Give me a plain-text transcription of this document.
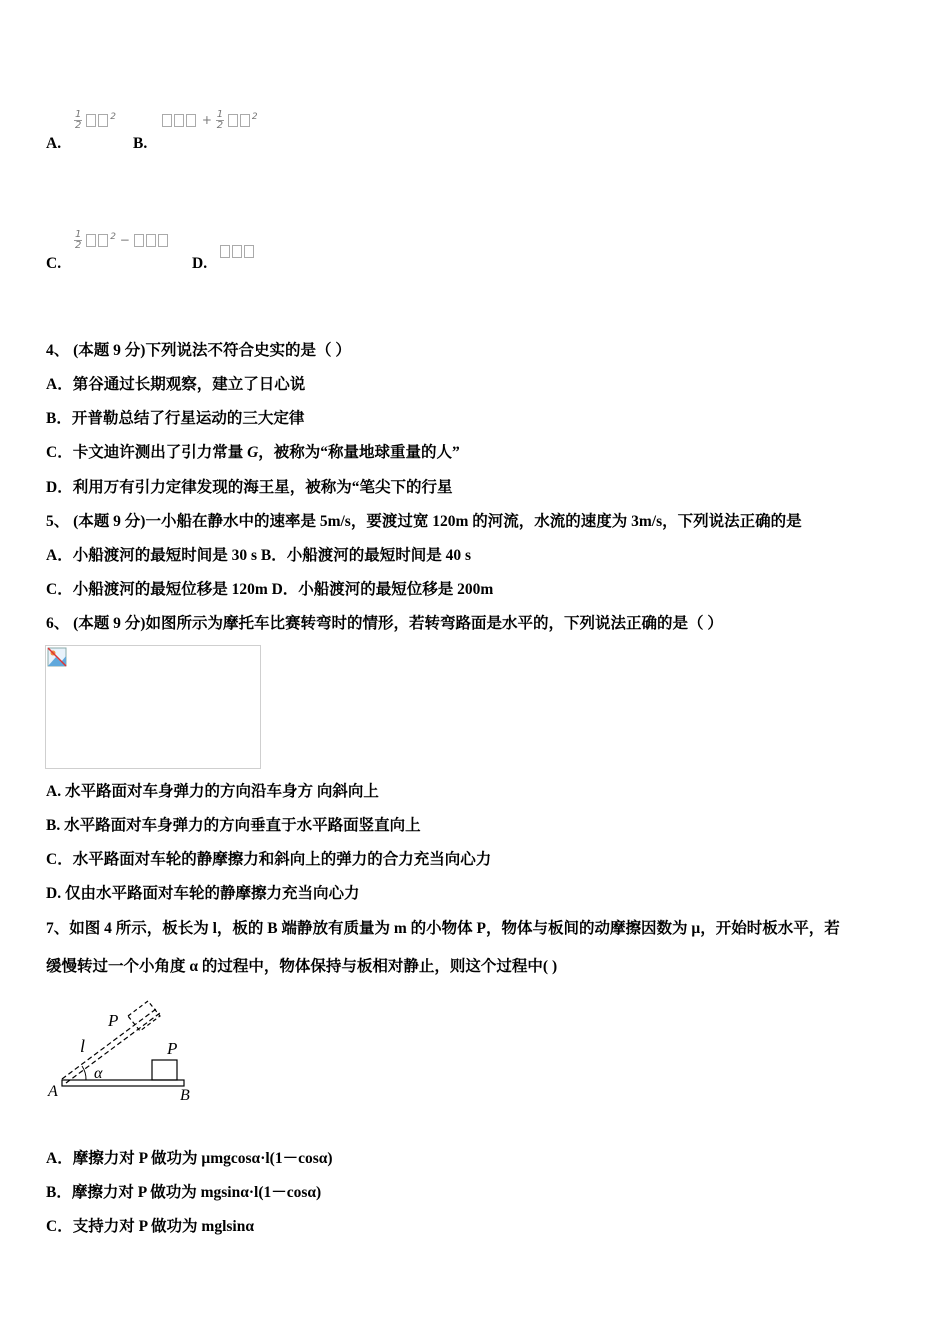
A.
$\frac{1}{2}$	$^2$
B.
+ $\frac{1}{2}$	$^2$
C.
$\frac{1}{2}$	$^2$ −
D.
4、 (本题 9 分)下列说法不符合史实的是（ ）
A．第谷通过长期观察，建立了日心说
B．开普勒总结了行星运动的三大定律
C．卡文迪许测出了引力常量 G，被称为“称量地球重量的人”
D．利用万有引力定律发现的海王星，被称为“笔尖下的行星
5、 (本题 9 分)一小船在静水中的速率是 5m/s，要渡过宽 120m 的河流，水流的速度为 3m/s，下列说法正确的是
A．小船渡河的最短时间是 30 s B．小船渡河的最短时间是 40 s
C．小船渡河的最短位移是 120m D．小船渡河的最短位移是 200m
6、 (本题 9 分)如图所示为摩托车比赛转弯时的情形，若转弯路面是水平的，下列说法正确的是（ ）
A. 水平路面对车身弹力的方向沿车身方 向斜向上
B. 水平路面对车身弹力的方向垂直于水平路面竖直向上
C．水平路面对车轮的静摩擦力和斜向上的弹力的合力充当向心力
D. 仅由水平路面对车轮的静摩擦力充当向心力
7、如图 4 所示，板长为 l，板的 B 端静放有质量为 m 的小物体 P，物体与板间的动摩擦因数为 μ，开始时板水平，若
缓慢转过一个小角度 α 的过程中，物体保持与板相对静止，则这个过程中( )
P
l
α
P
A	B
A．摩擦力对 P 做功为 μmgcosα·l(1－cosα)
B．摩擦力对 P 做功为 mgsinα·l(1－cosα)
C．支持力对 P 做功为 mglsinα
